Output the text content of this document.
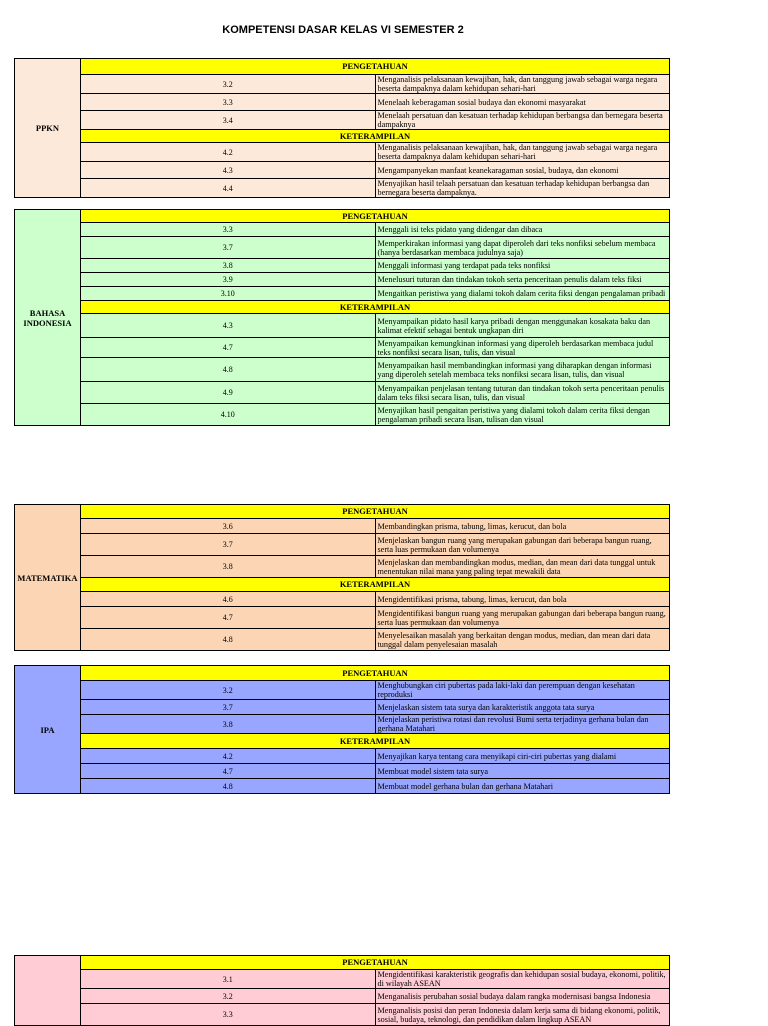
KOMPETENSI DASAR KELAS VI SEMESTER 2
PPKN	PENGETAHUAN	
	3.2	Menganalisis pelaksanaan kewajiban, hak, dan tanggung jawab sebagai warga negara beserta dampaknya dalam kehidupan sehari-hari
	3.3	Menelaah keberagaman sosial budaya dan ekonomi masyarakat
	3.4	Menelaah persatuan dan kesatuan terhadap kehidupan berbangsa dan bernegara beserta dampaknya
	KETERAMPILAN	
	4.2	Menganalisis pelaksanaan kewajiban, hak, dan tanggung jawab sebagai warga negara beserta dampaknya dalam kehidupan sehari-hari
	4.3	Mengampanyekan manfaat keanekaragaman sosial, budaya, dan ekonomi
	4.4	Menyajikan hasil telaah persatuan dan kesatuan terhadap kehidupan berbangsa dan bernegara beserta dampaknya.
BAHASA INDONESIA	PENGETAHUAN	
	3.3	Menggali isi teks pidato yang didengar dan dibaca
	3.7	Memperkirakan informasi yang dapat diperoleh dari teks nonfiksi sebelum membaca (hanya berdasarkan membaca judulnya saja)
	3.8	Menggali informasi yang terdapat pada teks nonfiksi
	3.9	Menelusuri tuturan dan tindakan tokoh serta penceritaan penulis dalam teks fiksi
	3.10	Mengaitkan peristiwa yang dialami tokoh dalam cerita fiksi dengan pengalaman pribadi
	KETERAMPILAN	
	4.3	Menyampaikan pidato hasil karya pribadi dengan menggunakan kosakata baku dan kalimat efektif sebagai bentuk ungkapan diri
	4.7	Menyampaikan kemungkinan informasi yang diperoleh berdasarkan membaca judul teks nonfiksi secara lisan, tulis, dan visual
	4.8	Menyampaikan hasil membandingkan informasi yang diharapkan dengan informasi yang diperoleh setelah membaca teks nonfiksi secara lisan, tulis, dan visual
	4.9	Menyampaikan penjelasan tentang tuturan dan tindakan tokoh serta penceritaan penulis dalam teks fiksi secara lisan, tulis, dan visual
	4.10	Menyajikan hasil pengaitan peristiwa yang dialami tokoh dalam cerita fiksi dengan pengalaman pribadi secara lisan, tulisan dan visual
MATEMATIKA	PENGETAHUAN	
	3.6	Membandingkan prisma, tabung, limas, kerucut, dan bola
	3.7	Menjelaskan bangun ruang yang merupakan gabungan dari beberapa bangun ruang, serta luas permukaan dan volumenya
	3.8	Menjelaskan dan membandingkan modus, median, dan mean dari data tunggal untuk menentukan nilai mana yang paling tepat mewakili data
	KETERAMPILAN	
	4.6	Mengidentifikasi prisma, tabung, limas, kerucut, dan bola
	4.7	Mengidentifikasi bangun ruang yang merupakan gabungan dari beberapa bangun ruang, serta luas permukaan dan volumenya
	4.8	Menyelesaikan masalah yang berkaitan dengan modus, median, dan mean dari data tunggal dalam penyelesaian masalah
IPA	PENGETAHUAN	
	3.2	Menghubungkan ciri pubertas pada laki-laki dan perempuan dengan kesehatan reproduksi
	3.7	Menjelaskan sistem tata surya dan karakteristik anggota tata surya
	3.8	Menjelaskan peristiwa rotasi dan revolusi Bumi serta terjadinya gerhana bulan dan gerhana Matahari
	KETERAMPILAN	
	4.2	Menyajikan karya tentang cara menyikapi ciri-ciri pubertas yang dialami
	4.7	Membuat model sistem tata surya
	4.8	Membuat model gerhana bulan dan gerhana Matahari
	PENGETAHUAN	
	3.1	Mengidentifikasi karakteristik geografis dan kehidupan sosial budaya, ekonomi, politik, di wilayah ASEAN
	3.2	Menganalisis perubahan sosial budaya dalam rangka modernisasi bangsa Indonesia
	3.3	Menganalisis posisi dan peran Indonesia dalam kerja sama di bidang ekonomi, politik, sosial, budaya, teknologi, dan pendidikan dalam lingkup ASEAN
